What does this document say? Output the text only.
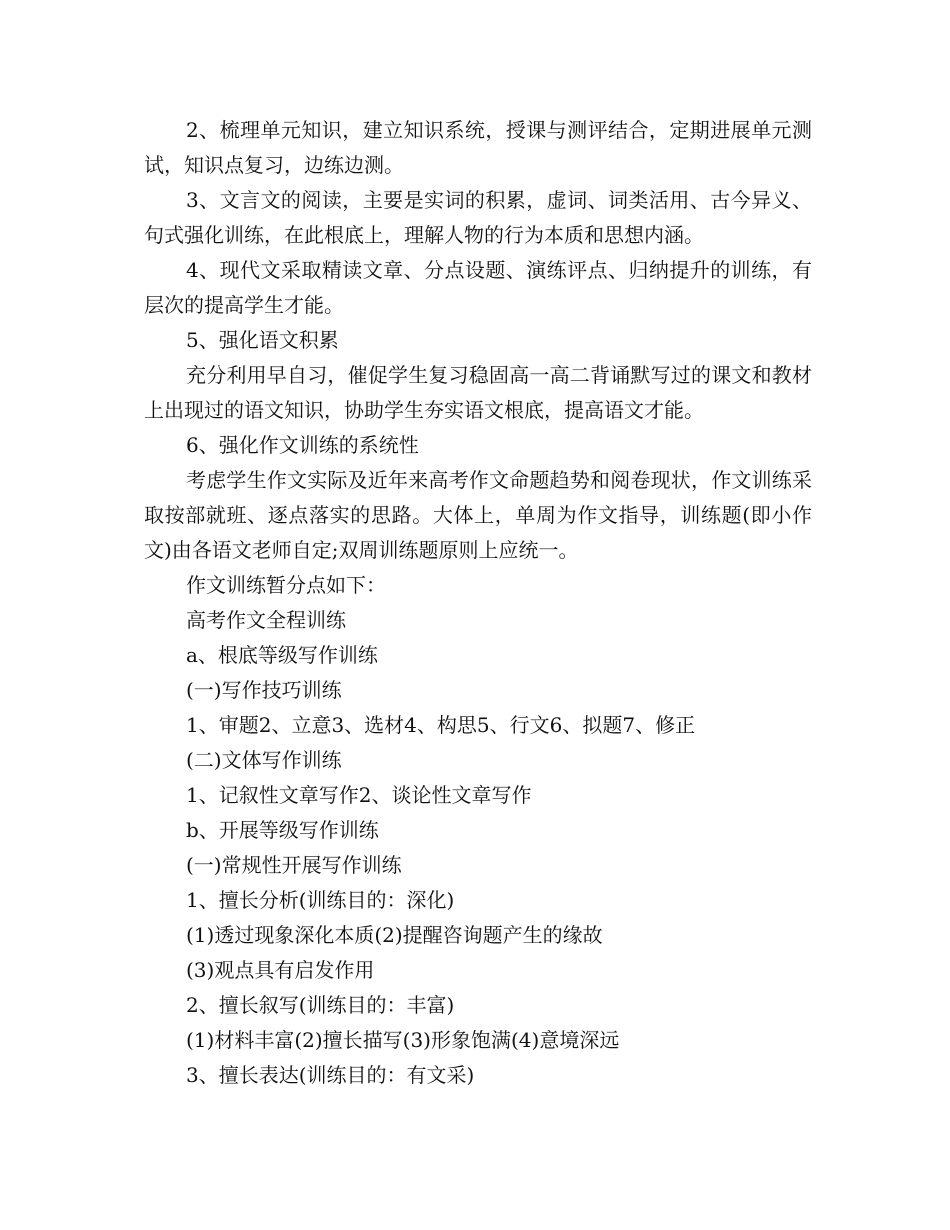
2、梳理单元知识，建立知识系统，授课与测评结合，定期进展单元测试，知识点复习，边练边测。

3、文言文的阅读，主要是实词的积累，虚词、词类活用、古今异义、句式强化训练，在此根底上，理解人物的行为本质和思想内涵。

4、现代文采取精读文章、分点设题、演练评点、归纳提升的训练，有层次的提高学生才能。

5、强化语文积累

充分利用早自习，催促学生复习稳固高一高二背诵默写过的课文和教材上出现过的语文知识，协助学生夯实语文根底，提高语文才能。

6、强化作文训练的系统性

考虑学生作文实际及近年来高考作文命题趋势和阅卷现状，作文训练采取按部就班、逐点落实的思路。大体上，单周为作文指导，训练题(即小作文)由各语文老师自定;双周训练题原则上应统一。

作文训练暂分点如下：

高考作文全程训练

a、根底等级写作训练

(一)写作技巧训练

1、审题2、立意3、选材4、构思5、行文6、拟题7、修正

(二)文体写作训练

1、记叙性文章写作2、谈论性文章写作

b、开展等级写作训练

(一)常规性开展写作训练

1、擅长分析(训练目的：深化)

(1)透过现象深化本质(2)提醒咨询题产生的缘故

(3)观点具有启发作用

2、擅长叙写(训练目的：丰富)

(1)材料丰富(2)擅长描写(3)形象饱满(4)意境深远

3、擅长表达(训练目的：有文采)
